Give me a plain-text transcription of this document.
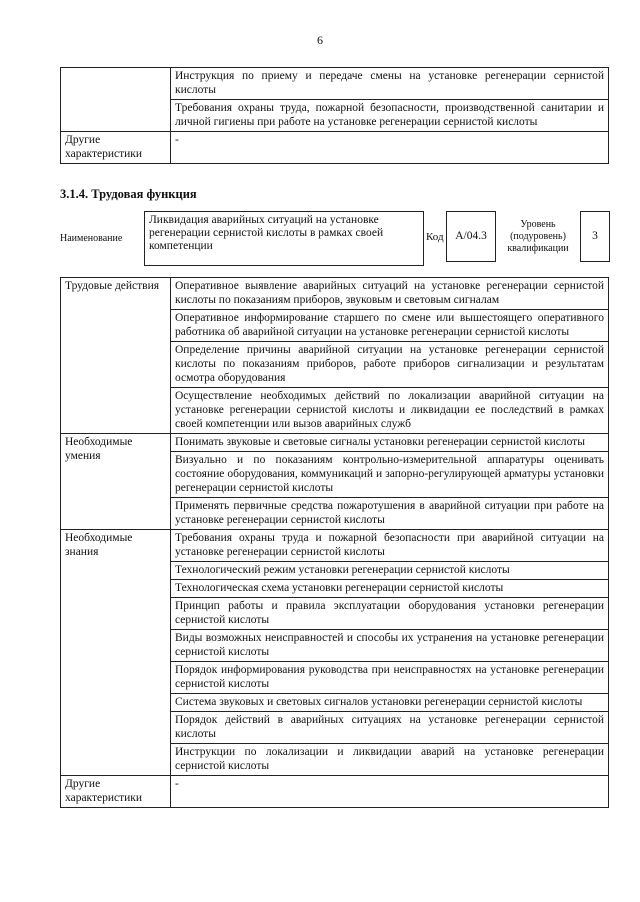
6
	Инструкция по приему и передаче смены на установке регенерации сернистой кислоты
	Требования охраны труда, пожарной безопасности, производственной санитарии и личной гигиены при работе на установке регенерации сернистой кислоты
Другие характеристики	-
3.1.4. Трудовая функция
Наименование
Ликвидация аварийных ситуаций на установке регенерации сернистой кислоты в рамках своей компетенции
Код	A/04.3
Уровень (подуровень) квалификации
3
Трудовые действия	Оперативное выявление аварийных ситуаций на установке регенерации сернистой кислоты по показаниям приборов, звуковым и световым сигналам
	Оперативное информирование старшего по смене или вышестоящего оперативного работника об аварийной ситуации на установке регенерации сернистой кислоты
	Определение причины аварийной ситуации на установке регенерации сернистой кислоты по показаниям приборов, работе приборов сигнализации и результатам осмотра оборудования
	Осуществление необходимых действий по локализации аварийной ситуации на установке регенерации сернистой кислоты и ликвидации ее последствий в рамках своей компетенции или вызов аварийных служб
Необходимые умения	Понимать звуковые и световые сигналы установки регенерации сернистой кислоты
	Визуально и по показаниям контрольно-измерительной аппаратуры оценивать состояние оборудования, коммуникаций и запорно-регулирующей арматуры установки регенерации сернистой кислоты
	Применять первичные средства пожаротушения в аварийной ситуации при работе на установке регенерации сернистой кислоты
Необходимые знания	Требования охраны труда и пожарной безопасности при аварийной ситуации на установке регенерации сернистой кислоты
	Технологический режим установки регенерации сернистой кислоты
	Технологическая схема установки регенерации сернистой кислоты
	Принцип работы и правила эксплуатации оборудования установки регенерации сернистой кислоты
	Виды возможных неисправностей и способы их устранения на установке регенерации сернистой кислоты
	Порядок информирования руководства при неисправностях на установке регенерации сернистой кислоты
	Система звуковых и световых сигналов установки регенерации сернистой кислоты
	Порядок действий в аварийных ситуациях на установке регенерации сернистой кислоты
	Инструкции по локализации и ликвидации аварий на установке регенерации сернистой кислоты
Другие характеристики	-
